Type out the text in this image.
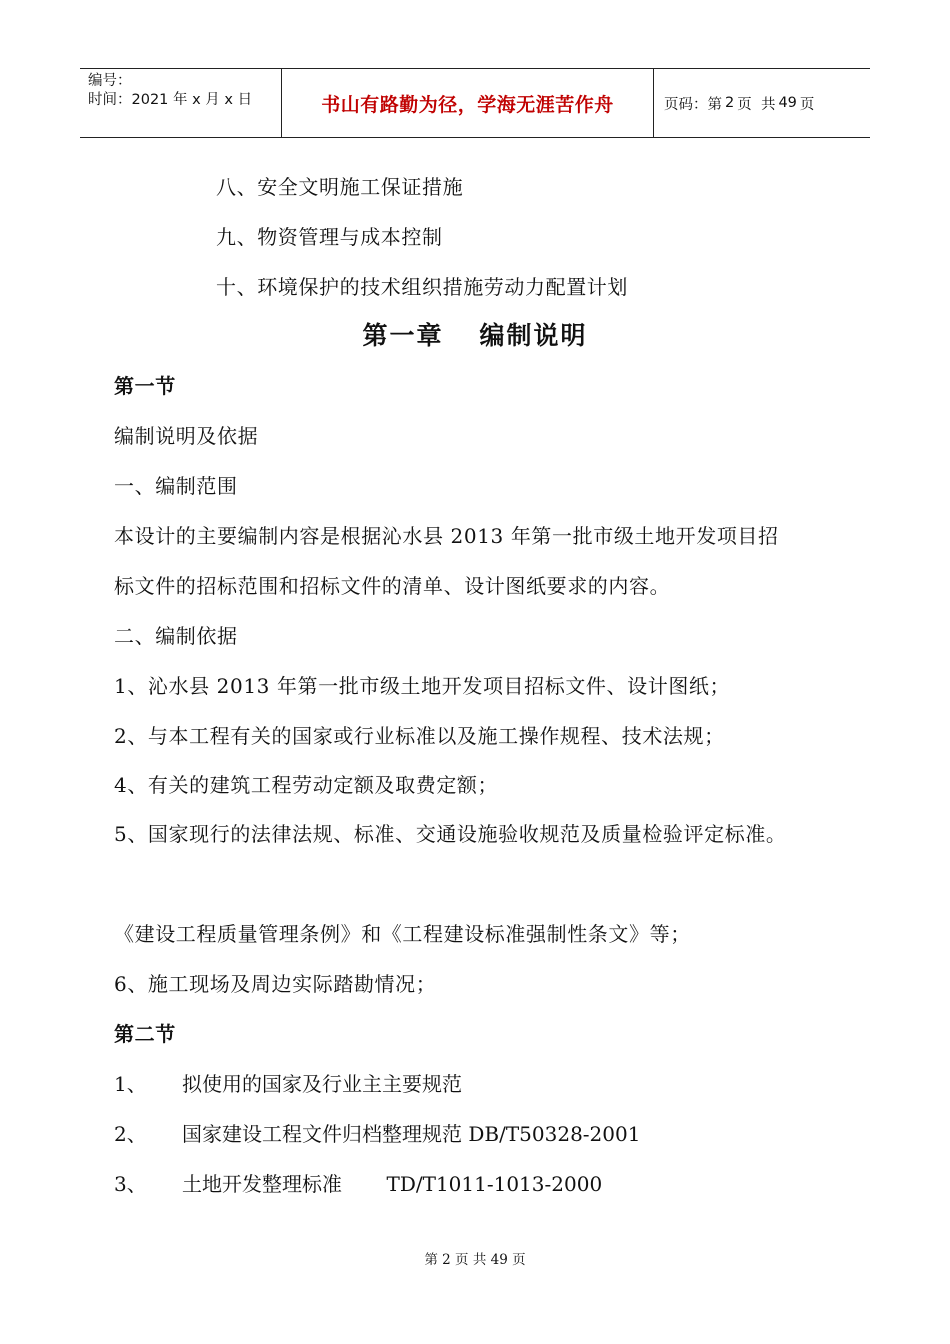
编号：
时间：2021 年 x 月 x 日	书山有路勤为径，学海无涯苦作舟	页码：第 2 页  共 49 页
八、安全文明施工保证措施
九、物资管理与成本控制
十、环境保护的技术组织措施劳动力配置计划
第一章 编制说明
第一节
编制说明及依据
一、编制范围
本设计的主要编制内容是根据沁水县 2013 年第一批市级土地开发项目招
标文件的招标范围和招标文件的清单、设计图纸要求的内容。
二、编制依据
1、沁水县 2013 年第一批市级土地开发项目招标文件、设计图纸；
2、与本工程有关的国家或行业标准以及施工操作规程、技术法规；
4、有关的建筑工程劳动定额及取费定额；
5、国家现行的法律法规、标准、交通设施验收规范及质量检验评定标准。
《建设工程质量管理条例》和《工程建设标准强制性条文》等；
6、施工现场及周边实际踏勘情况；
第二节
1、 拟使用的国家及行业主主要规范
2、 国家建设工程文件归档整理规范 DB/T50328-2001
3、 土地开发整理标准       TD/T1011-1013-2000
第 2 页 共 49 页
